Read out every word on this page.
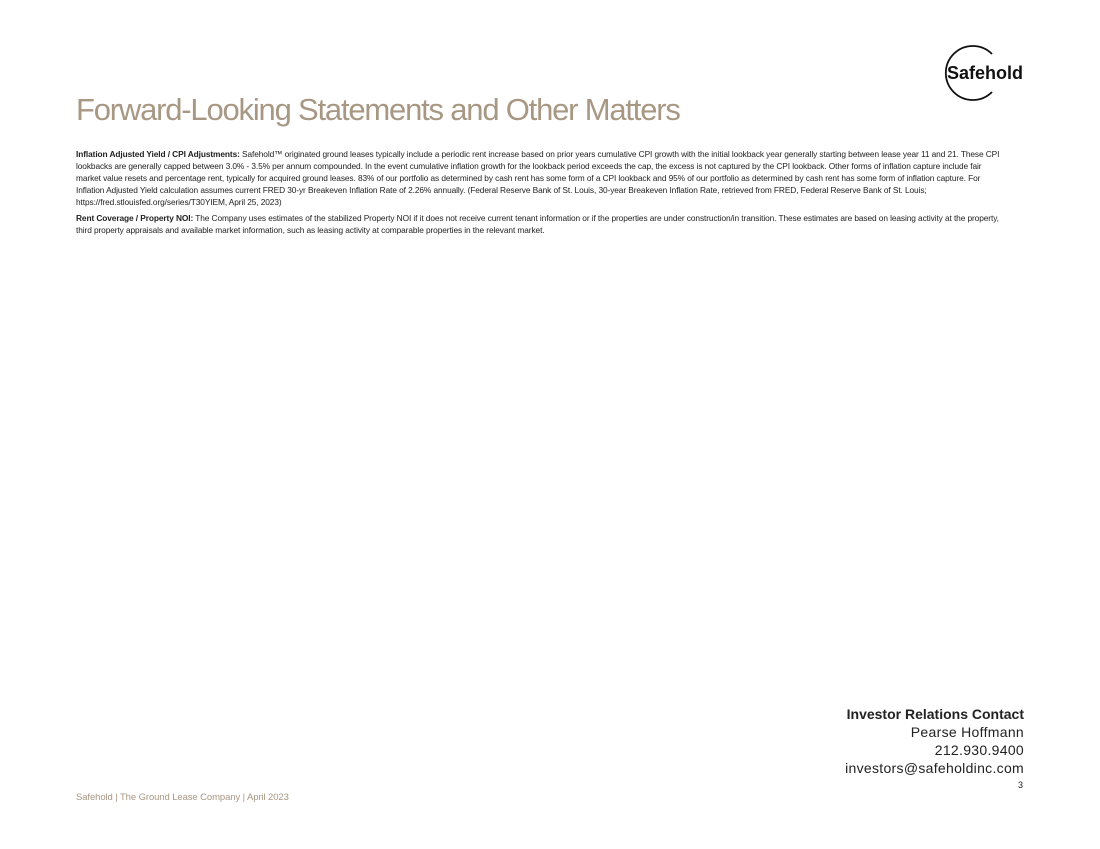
Safehold
Forward-Looking Statements and Other Matters

Inflation Adjusted Yield / CPI Adjustments: Safehold™ originated ground leases typically include a periodic rent increase based on prior years cumulative CPI growth with the initial lookback year generally starting between lease year 11 and 21. These CPI lookbacks are generally capped between 3.0% - 3.5% per annum compounded. In the event cumulative inflation growth for the lookback period exceeds the cap, the excess is not captured by the CPI lookback. Other forms of inflation capture include fair market value resets and percentage rent, typically for acquired ground leases. 83% of our portfolio as determined by cash rent has some form of a CPI lookback and 95% of our portfolio as determined by cash rent has some form of inflation capture. For Inflation Adjusted Yield calculation assumes current FRED 30-yr Breakeven Inflation Rate of 2.26% annually. (Federal Reserve Bank of St. Louis, 30-year Breakeven Inflation Rate, retrieved from FRED, Federal Reserve Bank of St. Louis; https://fred.stlouisfed.org/series/T30YIEM, April 25, 2023)

Rent Coverage / Property NOI: The Company uses estimates of the stabilized Property NOI if it does not receive current tenant information or if the properties are under construction/in transition. These estimates are based on leasing activity at the property, third property appraisals and available market information, such as leasing activity at comparable properties in the relevant market.

Investor Relations Contact
Pearse Hoffmann
212.930.9400
investors@safeholdinc.com
3
Safehold | The Ground Lease Company | April 2023
